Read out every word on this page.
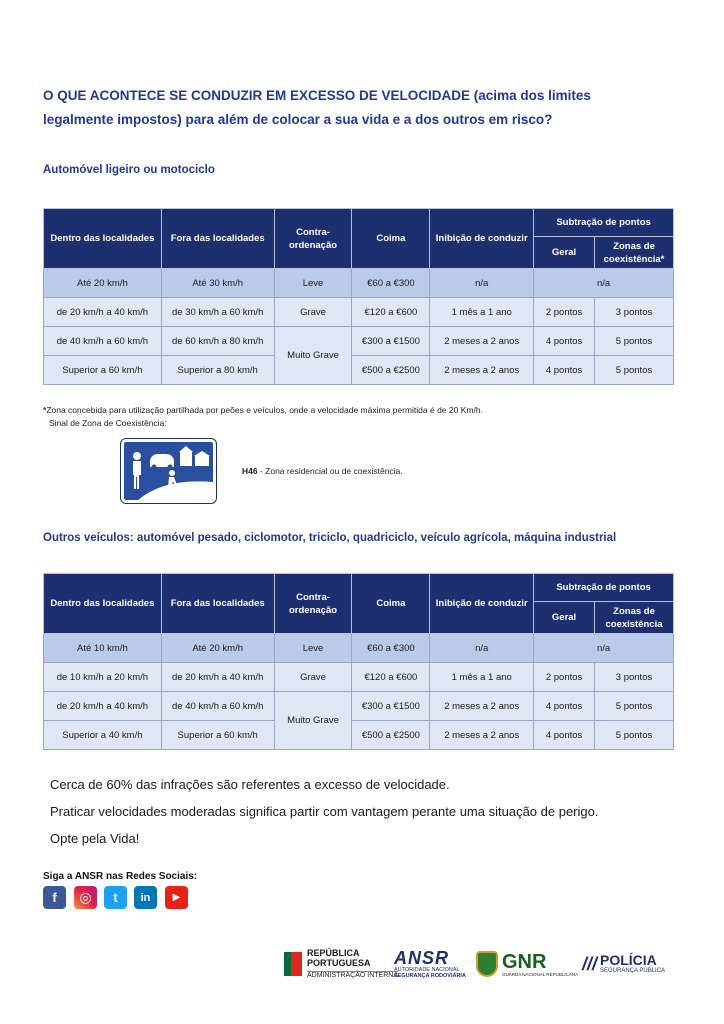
O QUE ACONTECE SE CONDUZIR EM EXCESSO DE VELOCIDADE (acima dos limites legalmente impostos) para além de colocar a sua vida e a dos outros em risco?
Automóvel ligeiro ou motociclo
Dentro das localidades	Fora das localidades	Contra-ordenação	Coima	Inibição de conduzir	Subtração de pontos	
					Geral	Zonas de coexistência*
Até 20 km/h	Até 30 km/h	Leve	€60 a €300	n/a	n/a	
de 20 km/h a 40 km/h	de 30 km/h a 60 km/h	Grave	€120 a €600	1 mês a 1 ano	2 pontos	3 pontos
de 40 km/h a 60 km/h	de 60 km/h a 80 km/h	Muito Grave	€300 a €1500	2 meses a 2 anos	4 pontos	5 pontos
Superior a 60 km/h	Superior a 80 km/h		€500 a €2500	2 meses a 2 anos	4 pontos	5 pontos
*Zona concebida para utilização partilhada por peões e veículos, onde a velocidade máxima permitida é de 20 Km/h.
Sinal de Zona de Coexistência:
H46 - Zona residencial ou de coexistência.
Outros veículos: automóvel pesado, ciclomotor, triciclo, quadriciclo, veículo agrícola, máquina industrial
Dentro das localidades	Fora das localidades	Contra-ordenação	Coima	Inibição de conduzir	Subtração de pontos	
					Geral	Zonas de coexistência
Até 10 km/h	Até 20 km/h	Leve	€60 a €300	n/a	n/a	
de 10 km/h a 20 km/h	de 20 km/h a 40 km/h	Grave	€120 a €600	1 mês a 1 ano	2 pontos	3 pontos
de 20 km/h a 40 km/h	de 40 km/h a 60 km/h	Muito Grave	€300 a €1500	2 meses a 2 anos	4 pontos	5 pontos
Superior a 40 km/h	Superior a 60 km/h		€500 a €2500	2 meses a 2 anos	4 pontos	5 pontos
Cerca de 60% das infrações são referentes a excesso de velocidade.
Praticar velocidades moderadas significa partir com vantagem perante uma situação de perigo.
Opte pela Vida!
Siga a ANSR nas Redes Sociais:
f	◎	t	in	▶
REPÚBLICA
PORTUGUESA
ADMINISTRAÇÃO INTERNA
ANSR
AUTORIDADE NACIONAL
SEGURANÇA RODOVIÁRIA
GNR
GUARDA NACIONAL REPUBLICANA
/// POLÍCIA
SEGURANÇA PÚBLICA
